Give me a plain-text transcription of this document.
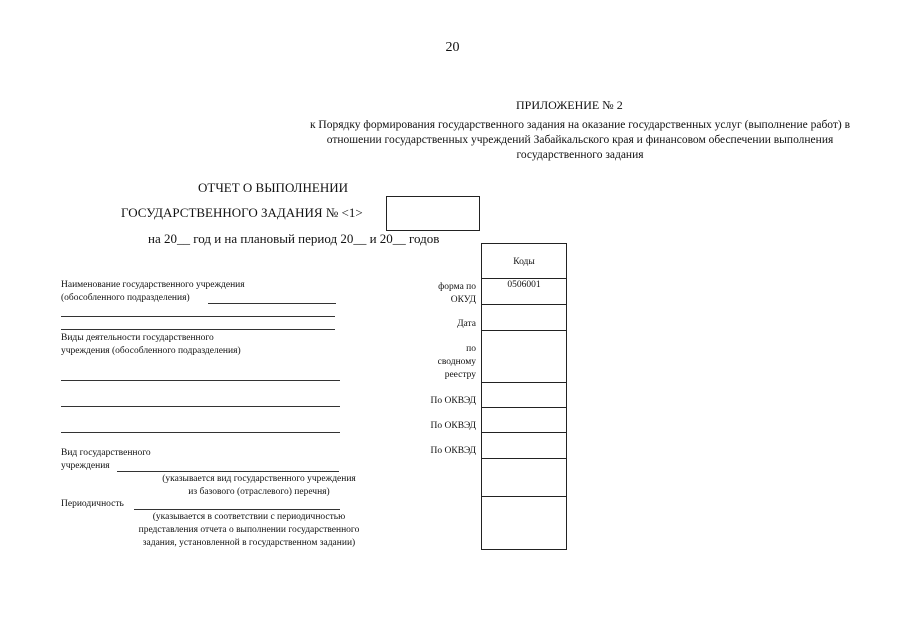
20
ПРИЛОЖЕНИЕ № 2
к Порядку формирования государственного задания на оказание государственных услуг (выполнение работ) в отношении государственных учреждений Забайкальского края и финансовом обеспечении выполнения государственного задания
ОТЧЕТ О ВЫПОЛНЕНИИ
ГОСУДАРСТВЕННОГО ЗАДАНИЯ № <1>
на 20__ год и на плановый период 20__ и 20__ годов
Наименование государственного учреждения
(обособленного подразделения)
Виды деятельности государственного
учреждения (обособленного подразделения)
Вид государственного
учреждения
(указывается вид государственного учреждения
из базового (отраслевого) перечня)
Периодичность
(указывается в соответствии с периодичностью
представления отчета о выполнении государственного
задания, установленной в государственном задании)
форма по
ОКУД
Дата
по
сводному
реестру
По ОКВЭД
По ОКВЭД
По ОКВЭД
Коды
0506001
